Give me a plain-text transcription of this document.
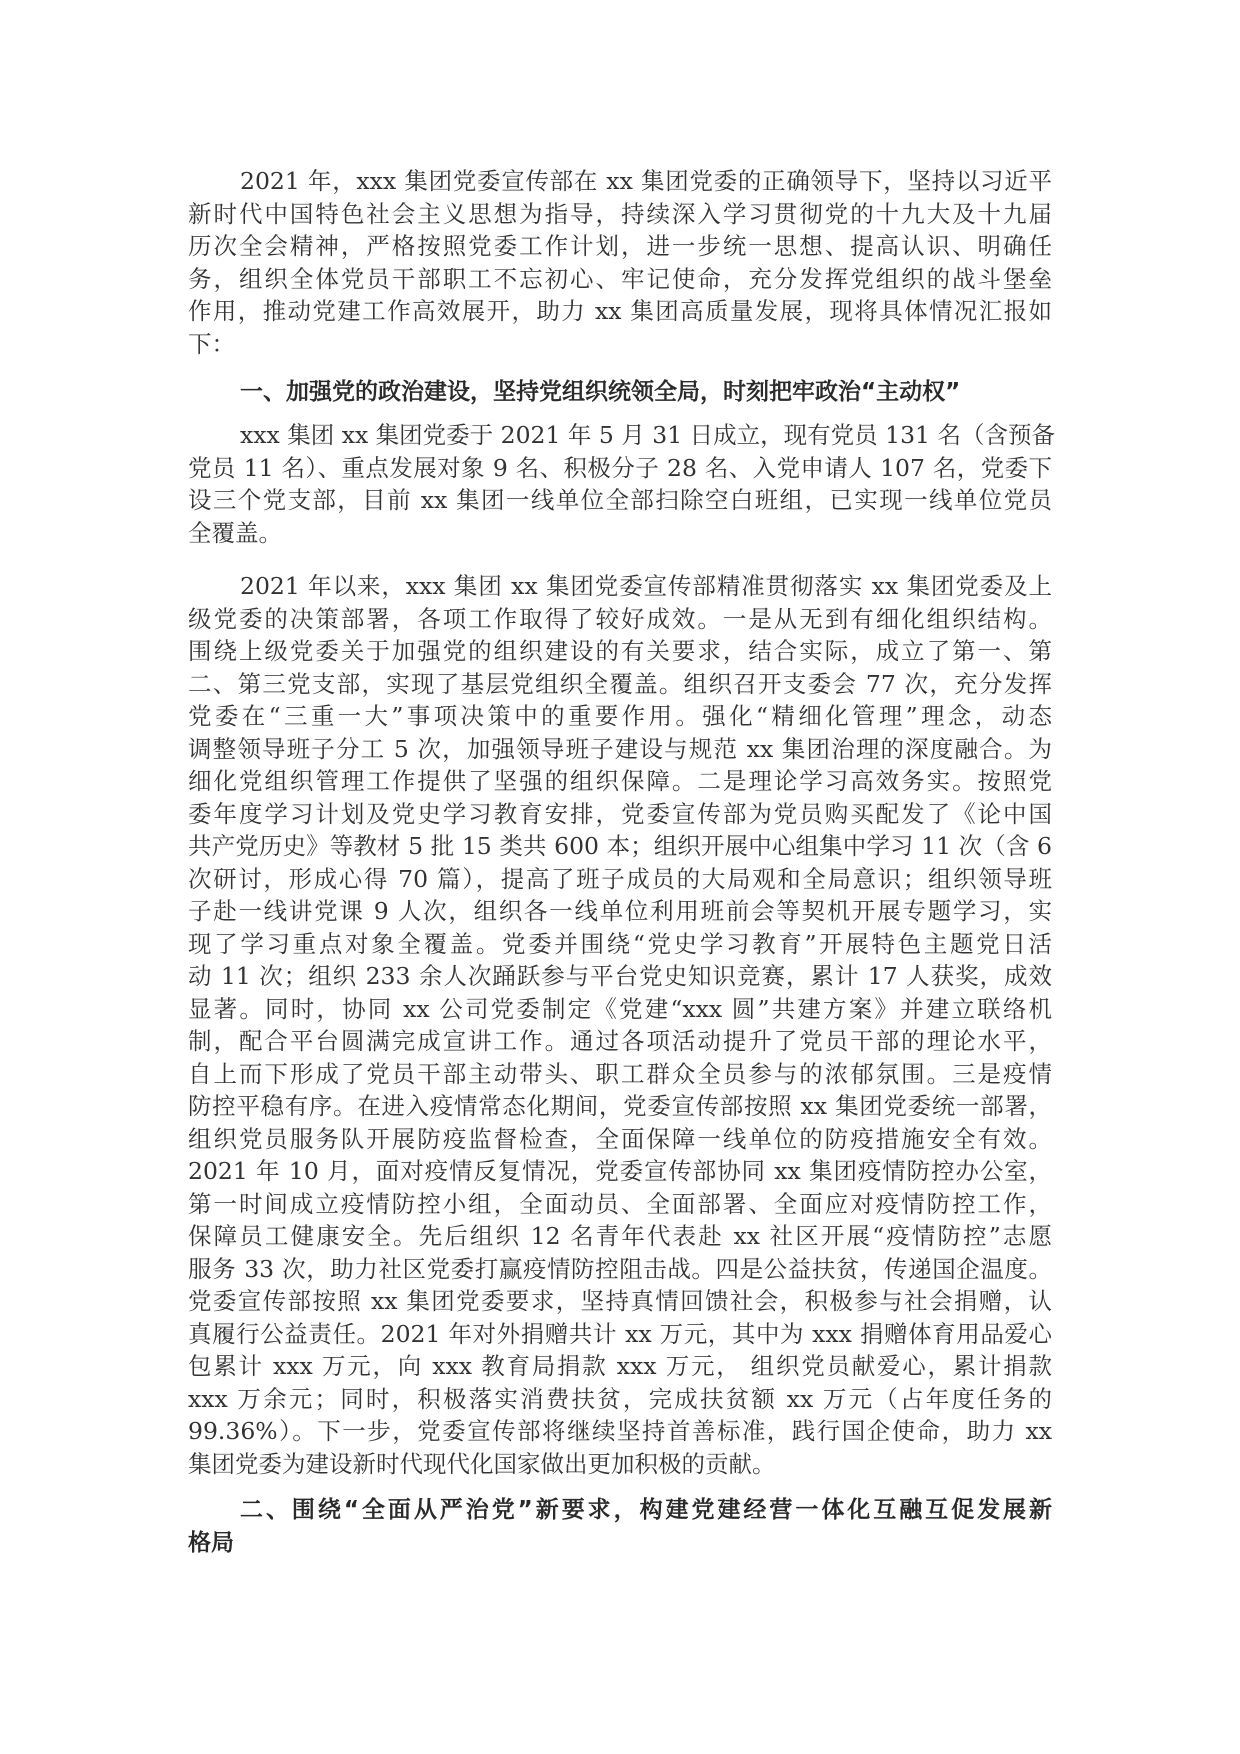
2021 年，xxx 集团党委宣传部在 xx 集团党委的正确领导下，坚持以习近平
新时代中国特色社会主义思想为指导，持续深入学习贯彻党的十九大及十九届
历次全会精神，严格按照党委工作计划，进一步统一思想、提高认识、明确任
务，组织全体党员干部职工不忘初心、牢记使命，充分发挥党组织的战斗堡垒
作用，推动党建工作高效展开，助力 xx 集团高质量发展，现将具体情况汇报如
下：
一、加强党的政治建设，坚持党组织统领全局，时刻把牢政治“主动权”
xxx 集团 xx 集团党委于 2021 年 5 月 31 日成立，现有党员 131 名（含预备
党员 11 名）、重点发展对象 9 名、积极分子 28 名、入党申请人 107 名，党委下
设三个党支部，目前 xx 集团一线单位全部扫除空白班组，已实现一线单位党员
全覆盖。
2021 年以来，xxx 集团 xx 集团党委宣传部精准贯彻落实 xx 集团党委及上
级党委的决策部署，各项工作取得了较好成效。一是从无到有细化组织结构。
围绕上级党委关于加强党的组织建设的有关要求，结合实际，成立了第一、第
二、第三党支部，实现了基层党组织全覆盖。组织召开支委会 77 次，充分发挥
党委在“三重一大”事项决策中的重要作用。强化“精细化管理”理念，动态
调整领导班子分工 5 次，加强领导班子建设与规范 xx 集团治理的深度融合。为
细化党组织管理工作提供了坚强的组织保障。二是理论学习高效务实。按照党
委年度学习计划及党史学习教育安排，党委宣传部为党员购买配发了《论中国
共产党历史》等教材 5 批 15 类共 600 本；组织开展中心组集中学习 11 次（含 6
次研讨，形成心得 70 篇），提高了班子成员的大局观和全局意识；组织领导班
子赴一线讲党课 9 人次，组织各一线单位利用班前会等契机开展专题学习，实
现了学习重点对象全覆盖。党委并围绕“党史学习教育”开展特色主题党日活
动 11 次；组织 233 余人次踊跃参与平台党史知识竞赛，累计 17 人获奖，成效
显著。同时，协同 xx 公司党委制定《党建“xxx 圆”共建方案》并建立联络机
制，配合平台圆满完成宣讲工作。通过各项活动提升了党员干部的理论水平，
自上而下形成了党员干部主动带头、职工群众全员参与的浓郁氛围。三是疫情
防控平稳有序。在进入疫情常态化期间，党委宣传部按照 xx 集团党委统一部署，
组织党员服务队开展防疫监督检查，全面保障一线单位的防疫措施安全有效。
2021 年 10 月，面对疫情反复情况，党委宣传部协同 xx 集团疫情防控办公室，
第一时间成立疫情防控小组，全面动员、全面部署、全面应对疫情防控工作，
保障员工健康安全。先后组织 12 名青年代表赴 xx 社区开展“疫情防控”志愿
服务 33 次，助力社区党委打赢疫情防控阻击战。四是公益扶贫，传递国企温度。
党委宣传部按照 xx 集团党委要求，坚持真情回馈社会，积极参与社会捐赠，认
真履行公益责任。2021 年对外捐赠共计 xx 万元，其中为 xxx 捐赠体育用品爱心
包累计 xxx 万元，向 xxx 教育局捐款 xxx 万元， 组织党员献爱心，累计捐款
xxx 万余元；同时，积极落实消费扶贫，完成扶贫额 xx 万元（占年度任务的
99.36%）。下一步，党委宣传部将继续坚持首善标准，践行国企使命，助力 xx
集团党委为建设新时代现代化国家做出更加积极的贡献。
二、围绕“全面从严治党”新要求，构建党建经营一体化互融互促发展新
格局
